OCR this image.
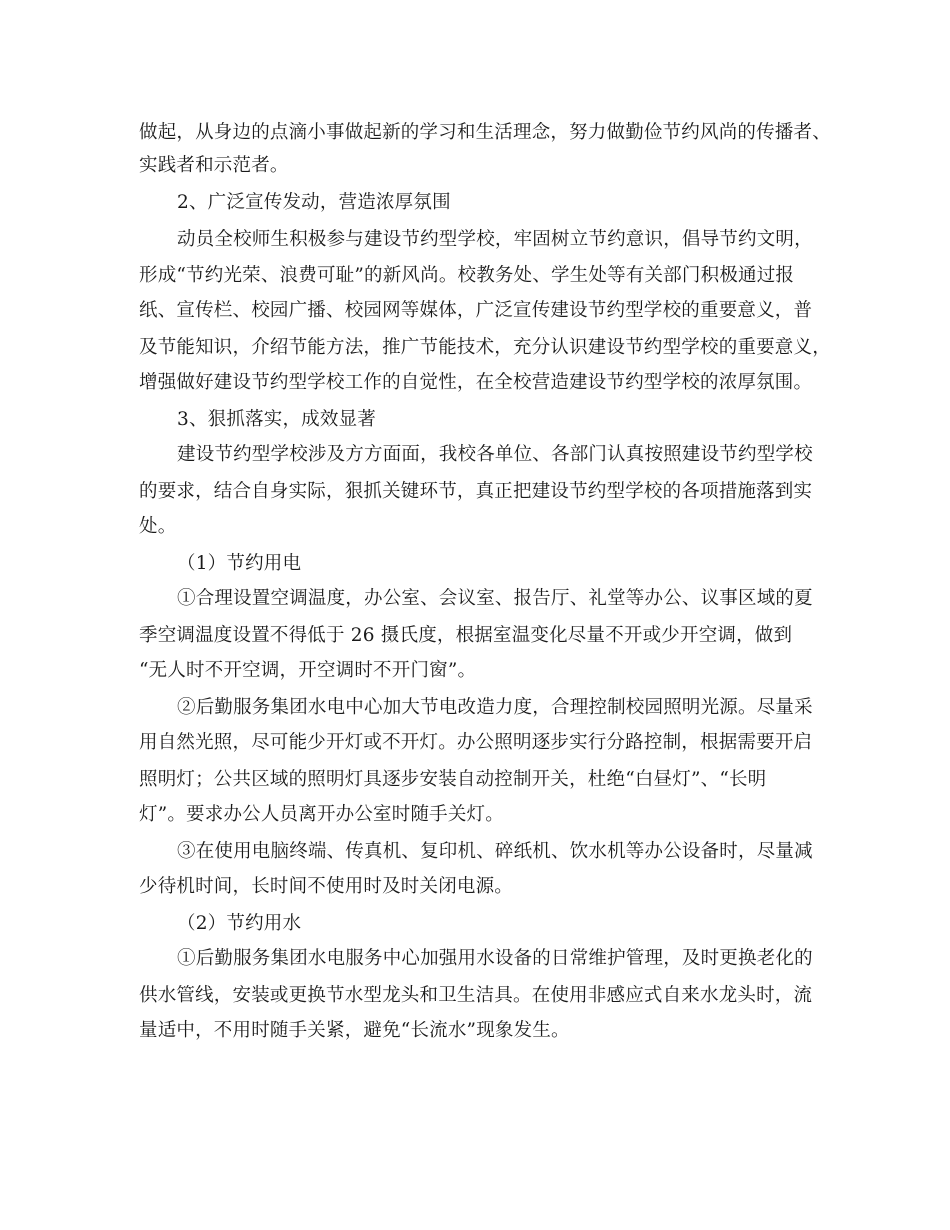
做起，从身边的点滴小事做起新的学习和生活理念，努力做勤俭节约风尚的传播者、
实践者和示范者。
2、广泛宣传发动，营造浓厚氛围
动员全校师生积极参与建设节约型学校，牢固树立节约意识，倡导节约文明，
形成“节约光荣、浪费可耻”的新风尚。校教务处、学生处等有关部门积极通过报
纸、宣传栏、校园广播、校园网等媒体，广泛宣传建设节约型学校的重要意义，普
及节能知识，介绍节能方法，推广节能技术，充分认识建设节约型学校的重要意义，
增强做好建设节约型学校工作的自觉性，在全校营造建设节约型学校的浓厚氛围。
3、狠抓落实，成效显著
建设节约型学校涉及方方面面，我校各单位、各部门认真按照建设节约型学校
的要求，结合自身实际，狠抓关键环节，真正把建设节约型学校的各项措施落到实
处。
（1）节约用电
①合理设置空调温度，办公室、会议室、报告厅、礼堂等办公、议事区域的夏
季空调温度设置不得低于 26 摄氏度，根据室温变化尽量不开或少开空调，做到
“无人时不开空调，开空调时不开门窗”。
②后勤服务集团水电中心加大节电改造力度，合理控制校园照明光源。尽量采
用自然光照，尽可能少开灯或不开灯。办公照明逐步实行分路控制，根据需要开启
照明灯；公共区域的照明灯具逐步安装自动控制开关，杜绝“白昼灯”、“长明
灯”。要求办公人员离开办公室时随手关灯。
③在使用电脑终端、传真机、复印机、碎纸机、饮水机等办公设备时，尽量减
少待机时间，长时间不使用时及时关闭电源。
（2）节约用水
①后勤服务集团水电服务中心加强用水设备的日常维护管理，及时更换老化的
供水管线，安装或更换节水型龙头和卫生洁具。在使用非感应式自来水龙头时，流
量适中，不用时随手关紧，避免“长流水”现象发生。
